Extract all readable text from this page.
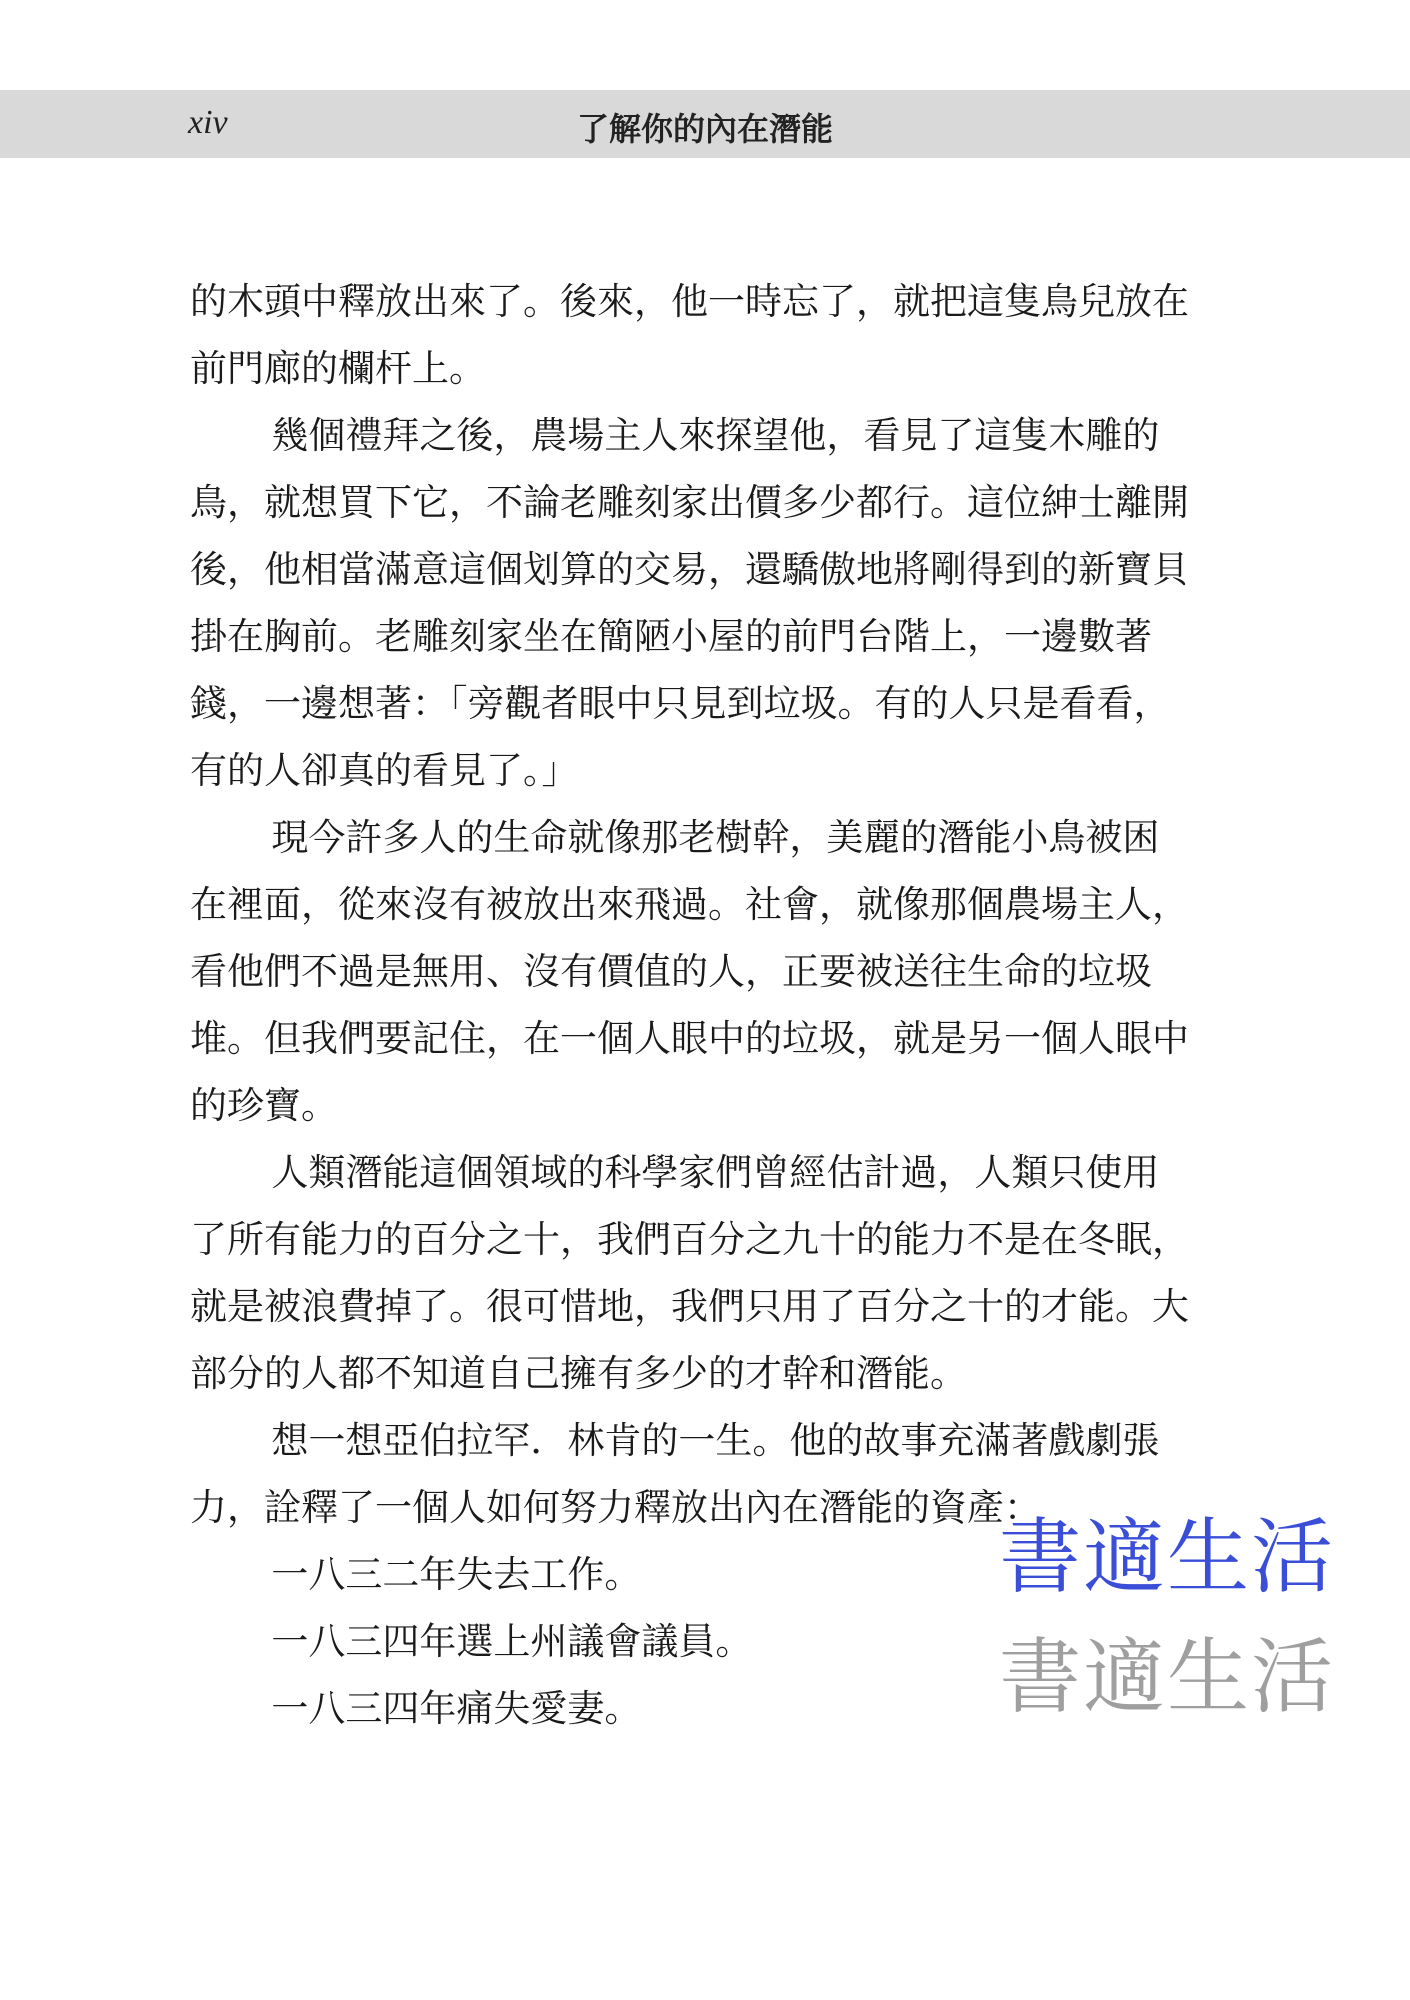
xiv	了解你的內在潛能

的木頭中釋放出來了。後來，他一時忘了，就把這隻鳥兒放在前門廊的欄杆上。

幾個禮拜之後，農場主人來探望他，看見了這隻木雕的鳥，就想買下它，不論老雕刻家出價多少都行。這位紳士離開後，他相當滿意這個划算的交易，還驕傲地將剛得到的新寶貝掛在胸前。老雕刻家坐在簡陋小屋的前門台階上，一邊數著錢，一邊想著：「旁觀者眼中只見到垃圾。有的人只是看看，有的人卻真的看見了。」

現今許多人的生命就像那老樹幹，美麗的潛能小鳥被困在裡面，從來沒有被放出來飛過。社會，就像那個農場主人，看他們不過是無用、沒有價值的人，正要被送往生命的垃圾堆。但我們要記住，在一個人眼中的垃圾，就是另一個人眼中的珍寶。

人類潛能這個領域的科學家們曾經估計過，人類只使用了所有能力的百分之十，我們百分之九十的能力不是在冬眠，就是被浪費掉了。很可惜地，我們只用了百分之十的才能。大部分的人都不知道自己擁有多少的才幹和潛能。

想一想亞伯拉罕．林肯的一生。他的故事充滿著戲劇張力，詮釋了一個人如何努力釋放出內在潛能的資產：

一八三二年失去工作。

一八三四年選上州議會議員。

一八三四年痛失愛妻。

書適生活
書適生活
